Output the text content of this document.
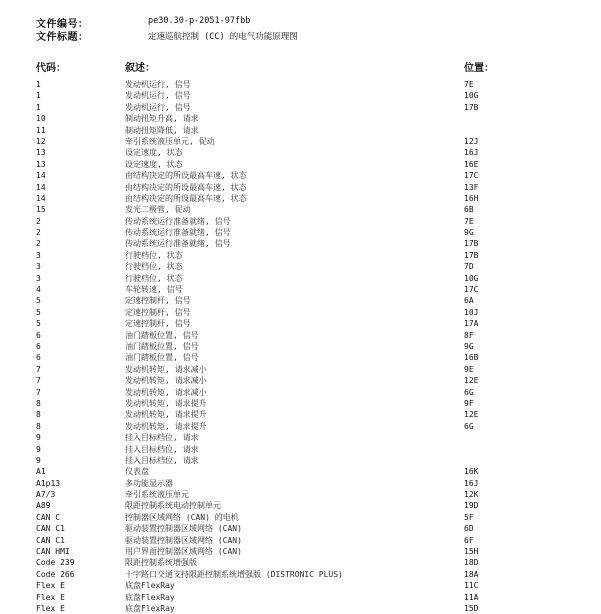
文件编号：	pe30.30-p-2051-97fbb
文件标题：	定速巡航控制 (CC) 的电气功能原理图
代码：	叙述：	位置：
1	发动机运行, 信号	7E
1	发动机运行, 信号	10G
1	发动机运行, 信号	17B
10	制动扭矩升高, 请求
11	制动扭矩降低, 请求
12	牵引系统液压单元, 促动	12J
13	设定速度, 状态	16J
13	设定速度, 状态	16E
14	由结构决定的所设最高车速, 状态	17C
14	由结构决定的所设最高车速, 状态	13F
14	由结构决定的所设最高车速, 状态	16H
15	发光二极管, 促动	6B
2	传动系统运行准备就绪, 信号	7E
2	传动系统运行准备就绪, 信号	9G
2	传动系统运行准备就绪, 信号	17B
3	行驶档位, 状态	17B
3	行驶档位, 状态	7D
3	行驶档位, 状态	10G
4	车轮转速, 信号	17C
5	定速控制杆, 信号	6A
5	定速控制杆, 信号	10J
5	定速控制杆, 信号	17A
6	油门踏板位置, 信号	8F
6	油门踏板位置, 信号	9G
6	油门踏板位置, 信号	16B
7	发动机转矩, 请求减小	9E
7	发动机转矩, 请求减小	12E
7	发动机转矩, 请求减小	6G
8	发动机转矩, 请求提升	9F
8	发动机转矩, 请求提升	12E
8	发动机转矩, 请求提升	6G
9	挂入目标档位, 请求
9	挂入目标档位, 请求
9	挂入目标档位, 请求
A1	仪表盘	16K
A1p13	多功能显示器	16J
A7/3	牵引系统液压单元	12K
A89	限距控制系统电动控制单元	19D
CAN C	控制器区域网络 (CAN) 的电机	5F
CAN C1	驱动装置控制器区域网络 (CAN)	6D
CAN C1	驱动装置控制器区域网络 (CAN)	6F
CAN HMI	用户界面控制器区域网络 (CAN)	15H
Code 239	限距控制系统增强版	18D
Code 266	十字路口交通支持限距控制系统增强版 (DISTRONIC PLUS)	18A
Flex E	底盘FlexRay	11C
Flex E	底盘FlexRay	11A
Flex E	底盘FlexRay	15D
